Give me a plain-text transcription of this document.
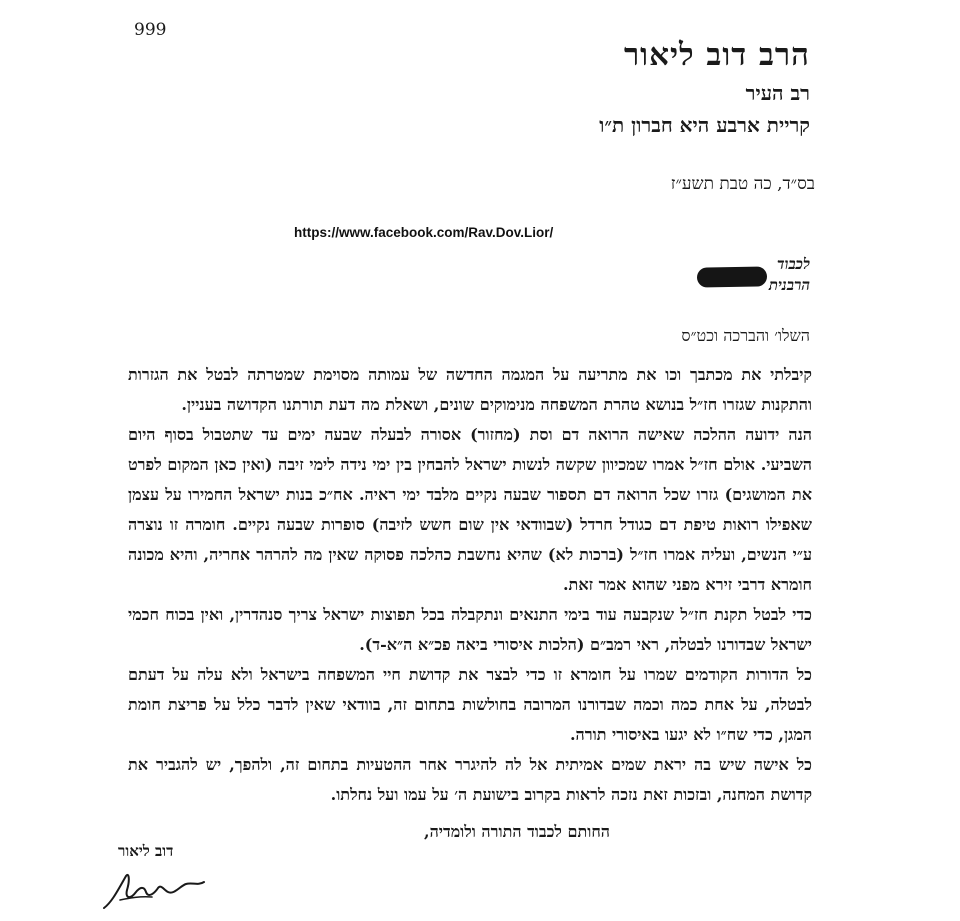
999
הרב דוב ליאור
רב העיר
קריית ארבע היא חברון ת״ו
בס״ד, כה טבת תשע״ז
https://www.facebook.com/Rav.Dov.Lior/
לכבוד
הרבנית
השלו׳ והברכה וכט״ס

קיבלתי את מכתבך וכו את מתריעה על המגמה החדשה של עמותה מסוימת שמטרתה לבטל את הגזרות והתקנות שגזרו חז״ל בנושא טהרת המשפחה מנימוקים שונים, ושאלת מה דעת תורתנו הקדושה בעניין.

הנה ידועה ההלכה שאישה הרואה דם וסת (מחזור) אסורה לבעלה שבעה ימים עד שתטבול בסוף היום השביעי. אולם חז״ל אמרו שמכיוון שקשה לנשות ישראל להבחין בין ימי נידה לימי זיבה (ואין כאן המקום לפרט את המושגים) גזרו שכל הרואה דם תספור שבעה נקיים מלבד ימי ראיה. אח״כ בנות ישראל החמירו על עצמן שאפילו רואות טיפת דם כגודל חרדל (שבוודאי אין שום חשש לזיבה) סופרות שבעה נקיים. חומרה זו נוצרה ע״י הנשים, ועליה אמרו חז״ל (ברכות לא) שהיא נחשבת כהלכה פסוקה שאין מה להרהר אחריה, והיא מכונה חומרא דרבי זירא מפני שהוא אמר זאת.

כדי לבטל תקנת חז״ל שנקבעה עוד בימי התנאים ונתקבלה בכל תפוצות ישראל צריך סנהדרין, ואין בכוח חכמי ישראל שבדורנו לבטלה, ראי רמב״ם (הלכות איסורי ביאה פכ״א ה״א-ד).

כל הדורות הקודמים שמרו על חומרא זו כדי לבצר את קדושת חיי המשפחה בישראל ולא עלה על דעתם לבטלה, על אחת כמה וכמה שבדורנו המרובה בחולשות בתחום זה, בוודאי שאין לדבר כלל על פריצת חומת המגן, כדי שח״ו לא יגעו באיסורי תורה.

כל אישה שיש בה יראת שמים אמיתית אל לה להיגרר אחר ההטעיות בתחום זה, ולהפך, יש להגביר את קדושת המחנה, ובזכות זאת נזכה לראות בקרוב בישועת ה׳ על עמו ועל נחלתו.

החותם לכבוד התורה ולומדיה,
דוב ליאור
